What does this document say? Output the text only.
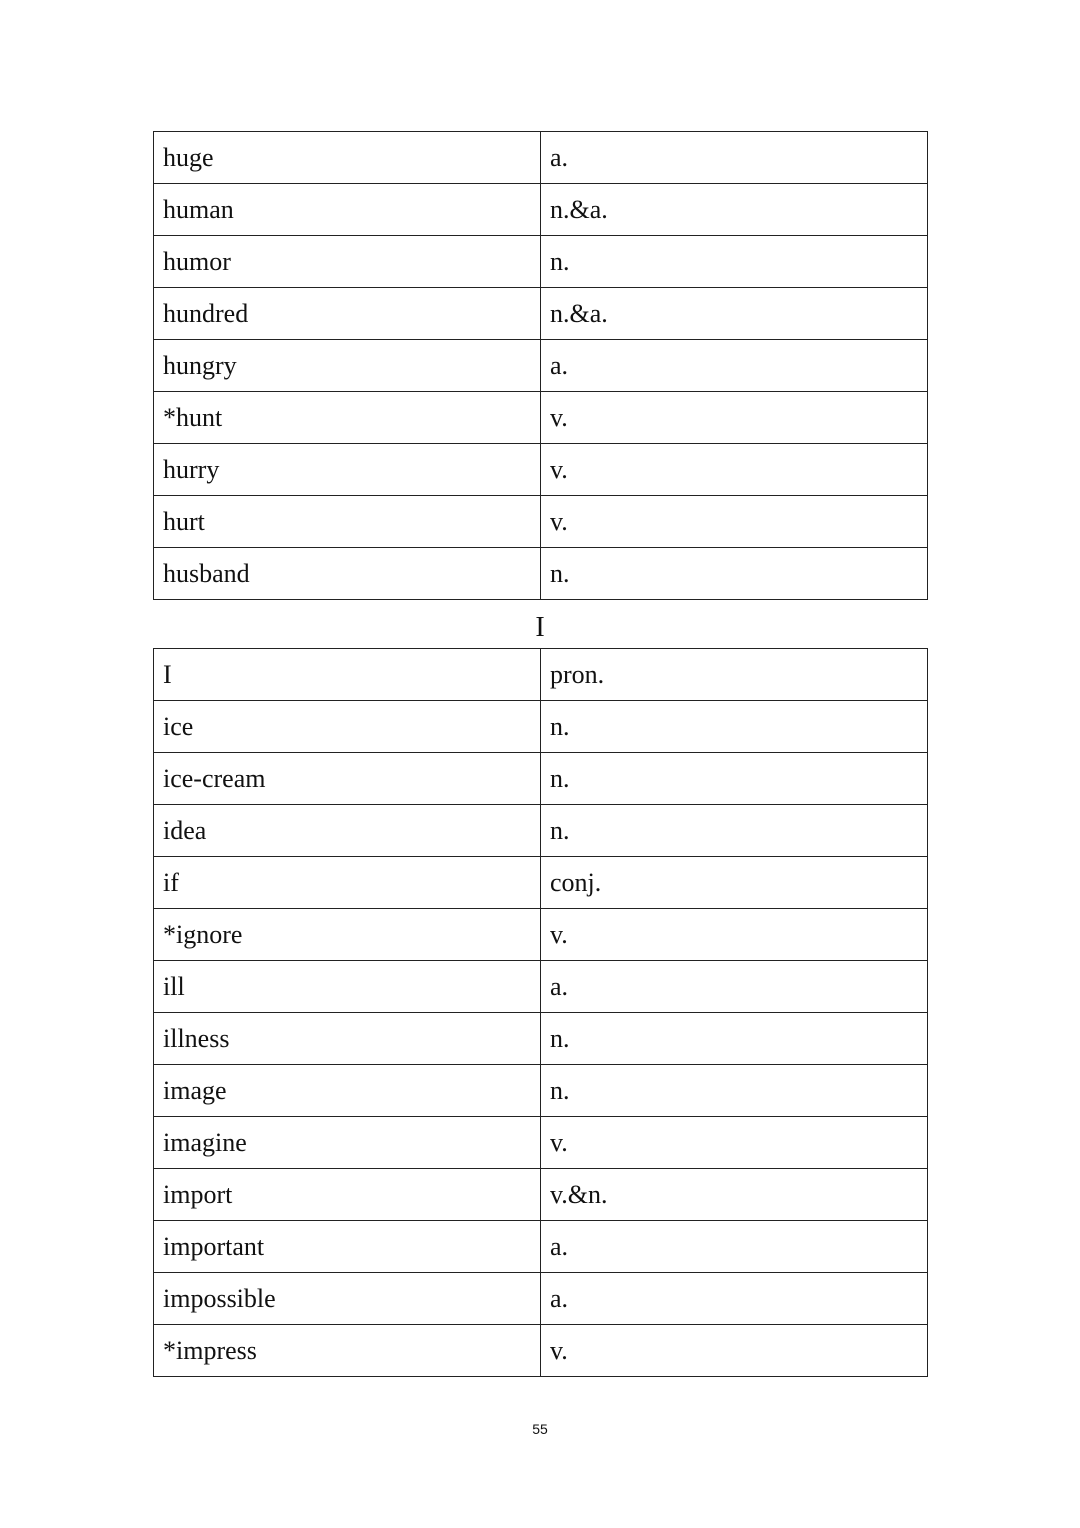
huge	a.
human	n.&a.
humor	n.
hundred	n.&a.
hungry	a.
*hunt	v.
hurry	v.
hurt	v.
husband	n.
I
I	pron.
ice	n.
ice-cream	n.
idea	n.
if	conj.
*ignore	v.
ill	a.
illness	n.
image	n.
imagine	v.
import	v.&n.
important	a.
impossible	a.
*impress	v.
55
